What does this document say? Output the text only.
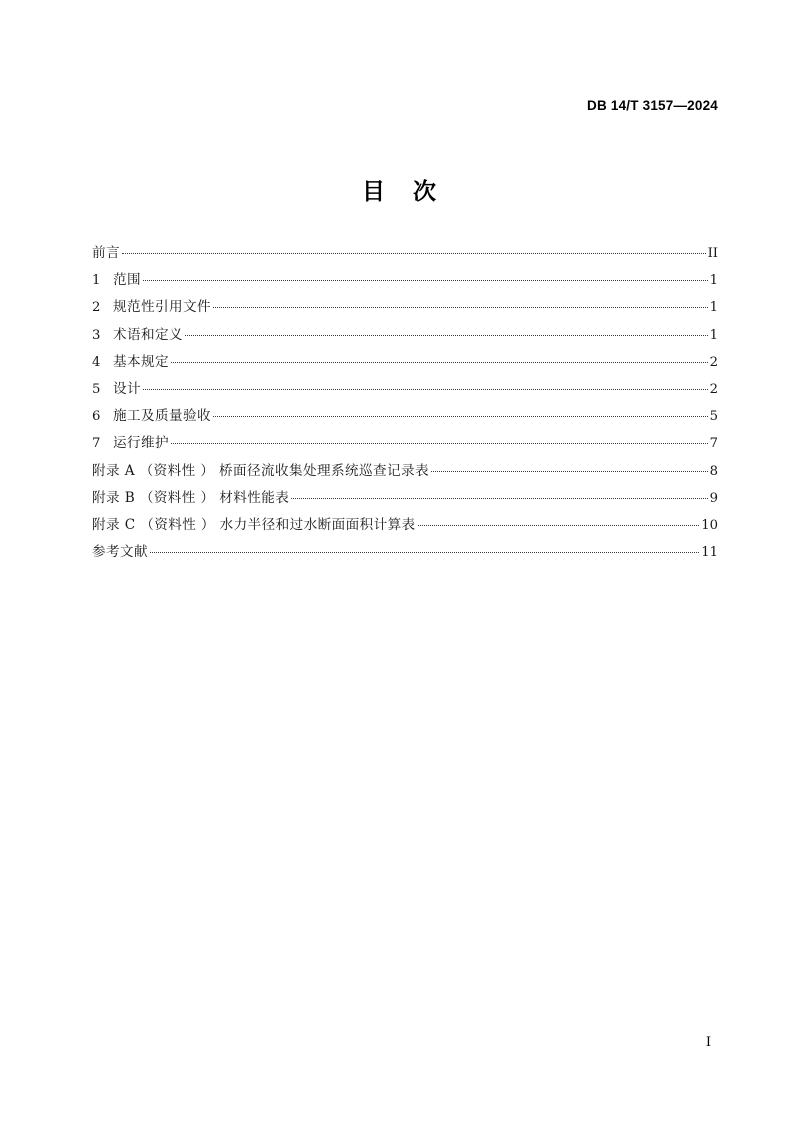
DB 14/T 3157—2024
目 次
前言	II
1 范围	1
2 规范性引用文件	1
3 术语和定义	1
4 基本规定	2
5 设计	2
6 施工及质量验收	5
7 运行维护	7
附录 A （资料性 ） 桥面径流收集处理系统巡查记录表	8
附录 B （资料性 ） 材料性能表	9
附录 C （资料性 ） 水力半径和过水断面面积计算表	10
参考文献	11
I
